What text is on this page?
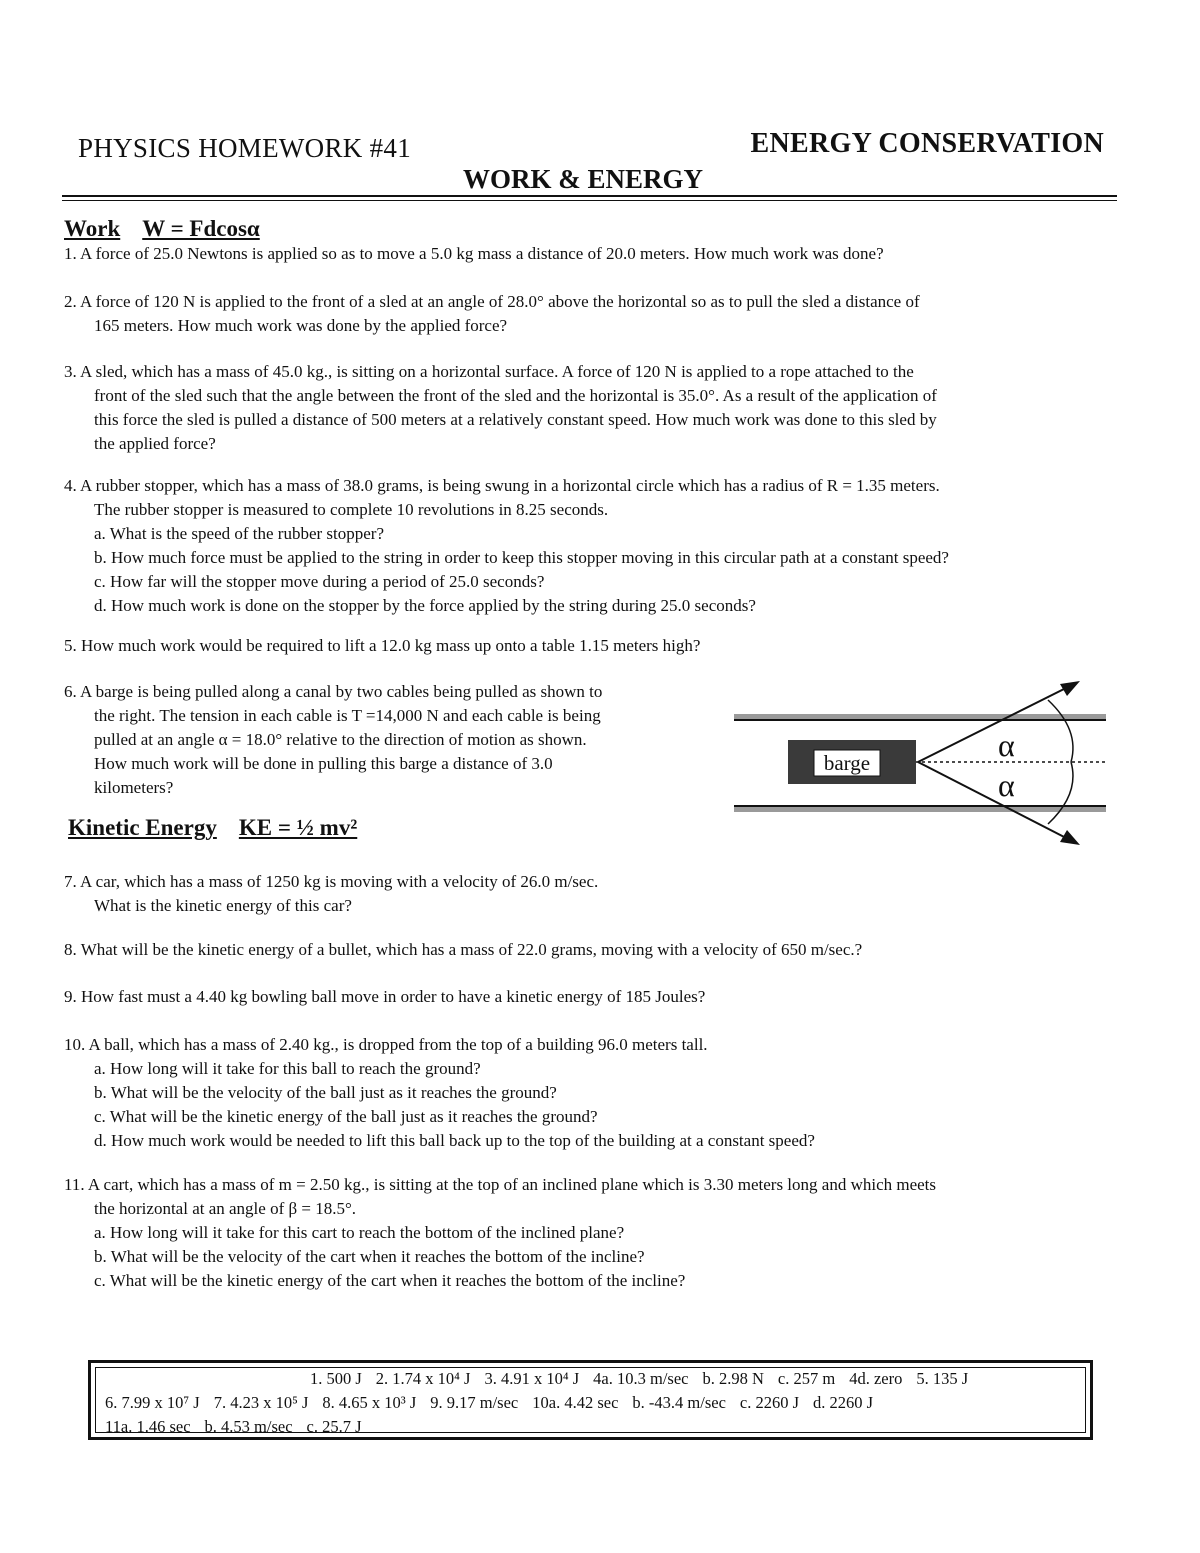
PHYSICS HOMEWORK #41	ENERGY CONSERVATION
WORK & ENERGY
Work W = Fdcosα
1. A force of 25.0 Newtons is applied so as to move a 5.0 kg mass a distance of 20.0 meters. How much work was done?
2. A force of 120 N is applied to the front of a sled at an angle of 28.0° above the horizontal so as to pull the sled a distance of
165 meters. How much work was done by the applied force?
3. A sled, which has a mass of 45.0 kg., is sitting on a horizontal surface. A force of 120 N is applied to a rope attached to the
front of the sled such that the angle between the front of the sled and the horizontal is 35.0°. As a result of the application of
this force the sled is pulled a distance of 500 meters at a relatively constant speed. How much work was done to this sled by
the applied force?
4. A rubber stopper, which has a mass of 38.0 grams, is being swung in a horizontal circle which has a radius of R = 1.35 meters.
The rubber stopper is measured to complete 10 revolutions in 8.25 seconds.
a. What is the speed of the rubber stopper?
b. How much force must be applied to the string in order to keep this stopper moving in this circular path at a constant speed?
c. How far will the stopper move during a period of 25.0 seconds?
d. How much work is done on the stopper by the force applied by the string during 25.0 seconds?
5. How much work would be required to lift a 12.0 kg mass up onto a table 1.15 meters high?
6. A barge is being pulled along a canal by two cables being pulled as shown to
the right. The tension in each cable is T =14,000 N and each cable is being
pulled at an angle α = 18.0° relative to the direction of motion as shown.
How much work will be done in pulling this barge a distance of 3.0
kilometers?
barge	α
α
Kinetic Energy KE = ½ mv²
7. A car, which has a mass of 1250 kg is moving with a velocity of 26.0 m/sec.
What is the kinetic energy of this car?
8. What will be the kinetic energy of a bullet, which has a mass of 22.0 grams, moving with a velocity of 650 m/sec.?
9. How fast must a 4.40 kg bowling ball move in order to have a kinetic energy of 185 Joules?
10. A ball, which has a mass of 2.40 kg., is dropped from the top of a building 96.0 meters tall.
a. How long will it take for this ball to reach the ground?
b. What will be the velocity of the ball just as it reaches the ground?
c. What will be the kinetic energy of the ball just as it reaches the ground?
d. How much work would be needed to lift this ball back up to the top of the building at a constant speed?
11. A cart, which has a mass of m = 2.50 kg., is sitting at the top of an inclined plane which is 3.30 meters long and which meets
the horizontal at an angle of β = 18.5°.
a. How long will it take for this cart to reach the bottom of the inclined plane?
b. What will be the velocity of the cart when it reaches the bottom of the incline?
c. What will be the kinetic energy of the cart when it reaches the bottom of the incline?
1. 500 J 2. 1.74 x 10⁴ J 3. 4.91 x 10⁴ J 4a. 10.3 m/sec b. 2.98 N c. 257 m 4d. zero 5. 135 J
6. 7.99 x 10⁷ J 7. 4.23 x 10⁵ J 8. 4.65 x 10³ J 9. 9.17 m/sec 10a. 4.42 sec b. -43.4 m/sec c. 2260 J d. 2260 J
11a. 1.46 sec b. 4.53 m/sec c. 25.7 J
